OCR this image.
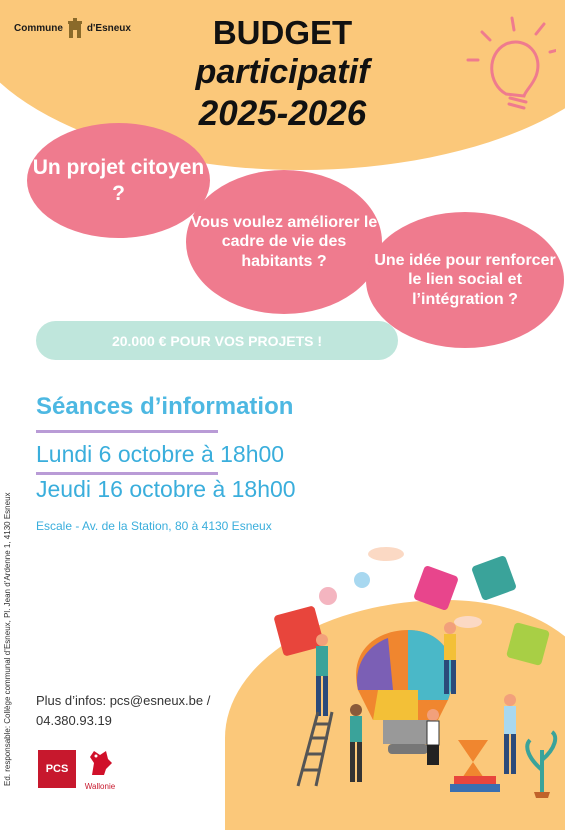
Commune d'Esneux	BUDGET
participatif
2025-2026
Un projet citoyen ?
Vous voulez améliorer le cadre de vie des habitants ?	Une idée pour renforcer le lien social et l’intégration ?
20.000 € POUR VOS PROJETS !
Séances d’information
Lundi 6 octobre à 18h00
Jeudi 16 octobre à 18h00
Escale - Av. de la Station, 80 à 4130 Esneux
Ed. responsable: Collège communal d’Esneux, Pl. Jean d’Ardenne 1, 4130 Esneux Plus d’infos: pcs@esneux.be /
04.380.93.19
PCS
Wallonie
